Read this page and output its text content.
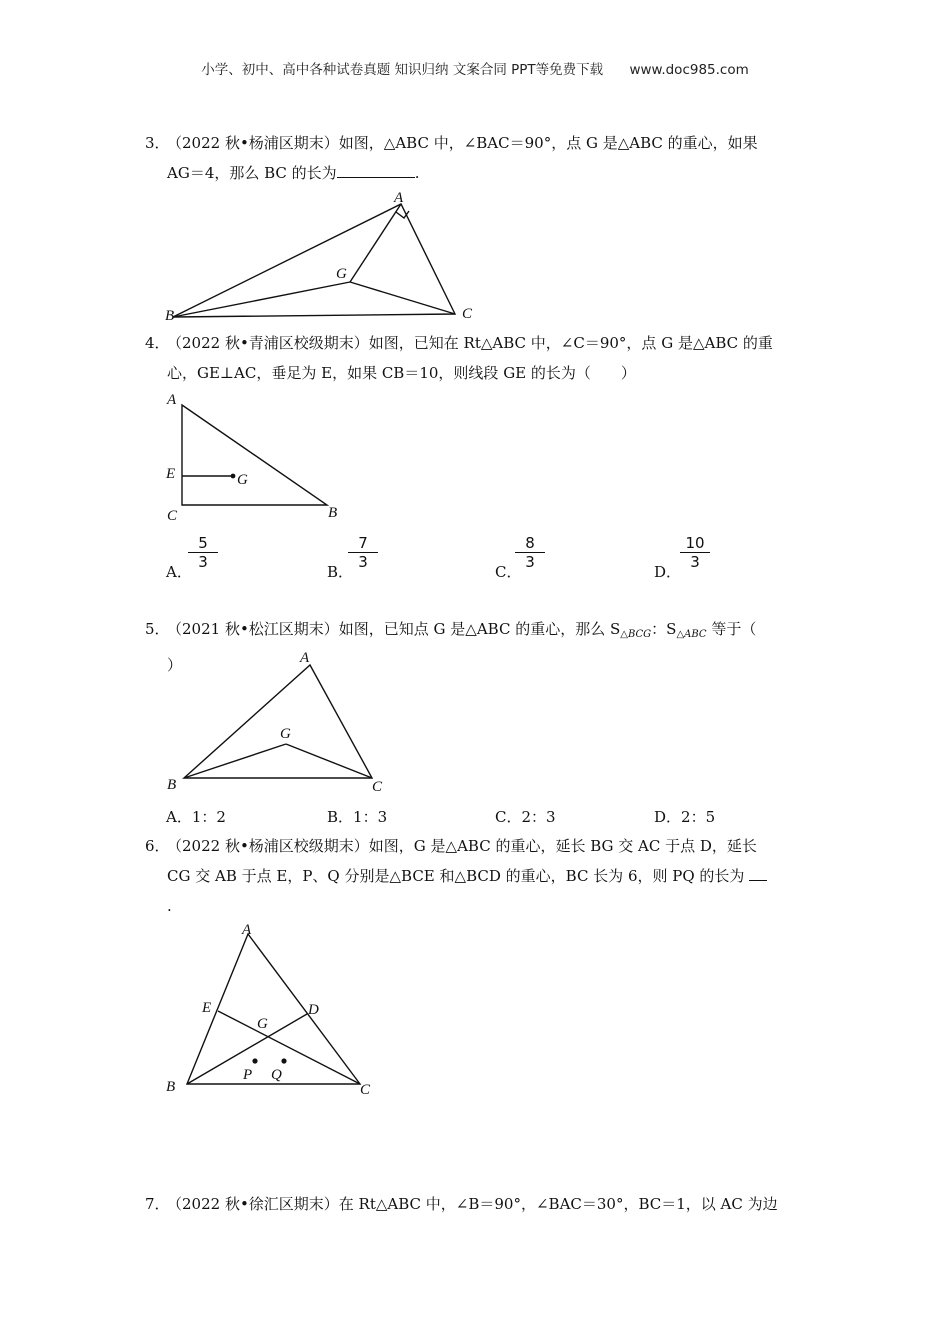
小学、初中、高中各种试卷真题 知识归纳 文案合同 PPT等免费下载 www.doc985.com
3．（2022 秋•杨浦区期末）如图，△ABC 中，∠BAC＝90°，点 G 是△ABC 的重心，如果
AG＝4，那么 BC 的长为	.
A
B	C
G
4．（2022 秋•青浦区校级期末）如图，已知在 Rt△ABC 中，∠C＝90°，点 G 是△ABC 的重
心，GE⊥AC，垂足为 E，如果 CB＝10，则线段 GE 的长为（　　）
A
B
C
E	G
A．
5
3
B．
7
3
C．
8
3
D．
10
3
5．（2021 秋•松江区期末）如图，已知点 G 是△ABC 的重心，那么 $S_{\triangle BCG}$：$S_{\triangle ABC}$ 等于（
）	A
B	C
G
A．1：2	B．1：3	C．2：3	D．2：5
6．（2022 秋•杨浦区校级期末）如图，G 是△ABC 的重心，延长 BG 交 AC 于点 D，延长
CG 交 AB 于点 E，P、Q 分别是△BCE 和△BCD 的重心，BC 长为 6，则 PQ 的长为
.
A
B	C
D
E
G
P Q
7．（2022 秋•徐汇区期末）在 Rt△ABC 中，∠B＝90°，∠BAC＝30°，BC＝1，以 AC 为边
